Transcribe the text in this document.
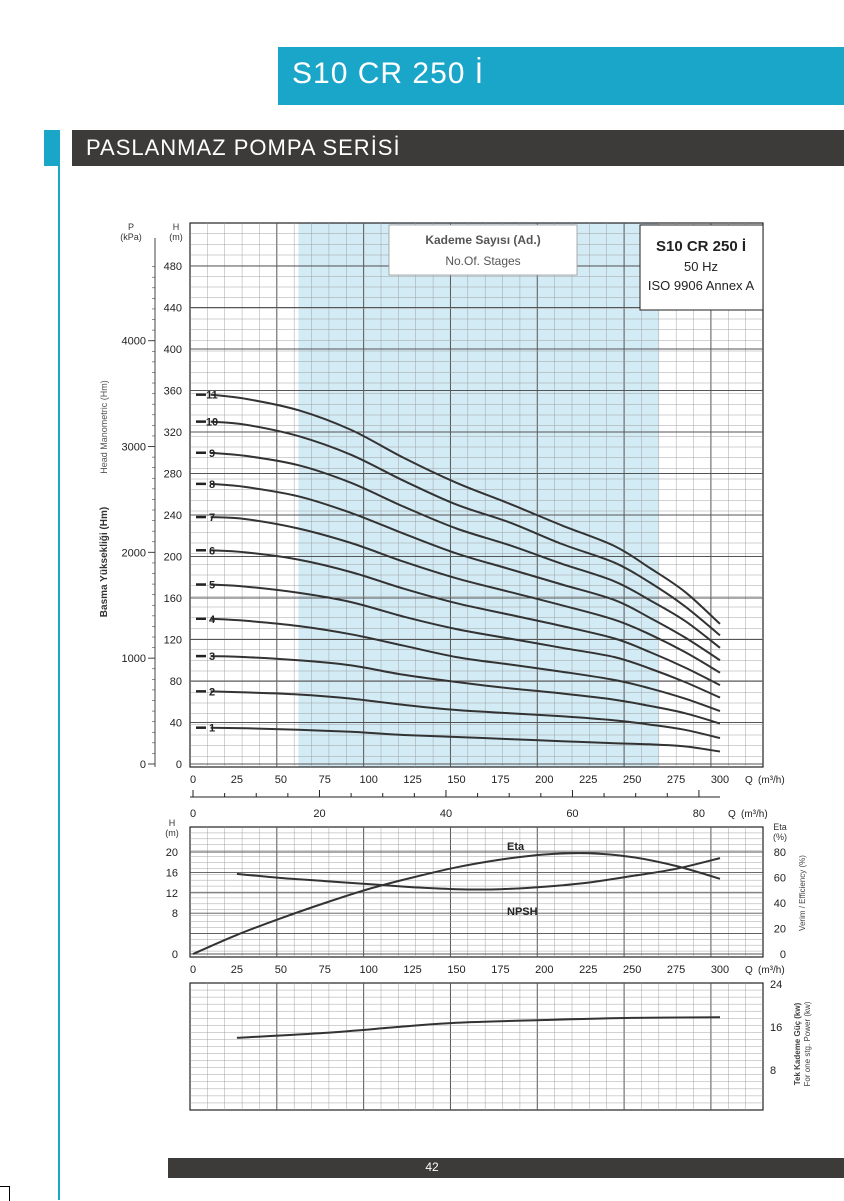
S10 CR 250 İ
PASLANMAZ POMPA SERİSİ
1
2
3
4
5
6
7
8
9
10
11
0
40
80
120
160
200
240
280
320
360
400
440
480
0
1000
2000
3000
4000
P
(kPa)
H
(m)
Basma Yüksekliği (Hm)
Head Manometric (Hm)
0	25	50	75	100 125 150 175 200 225 250 275 300 Q (m³/h)
0	20	40	60	80 Q (m³/h)
Kademe Sayısı (Ad.)
No.Of. Stages
S10 CR 250 İ
50 Hz
ISO 9906 Annex A
Eta
NPSH
0
8
12
16
20
0
20
40
60
80
H
(m)
Eta
(%)
Verim / Efficiency (%)
0	25	50	75	100 125 150 175 200 225 250 275 300 Q (m³/h)
8
16
24
Tek Kademe Güç (kw) For one stg. Power (kw)
42
